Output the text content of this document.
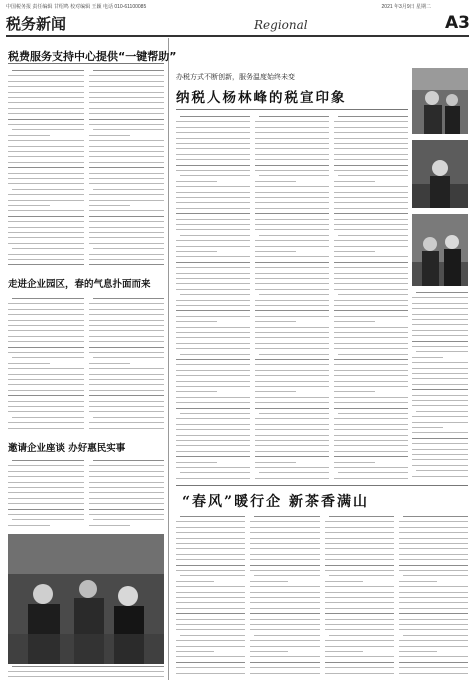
中国税务报 责任编辑 甘绍鸣 校对编辑 王颖 电话 010-61100085	2021 年3月9日 星期二
税务新闻	Regional	A3
税费服务支持中心提供“一键帮助”
走进企业园区，春的气息扑面而来
邀请企业座谈 办好惠民实事
办税方式不断创新，服务温度始终未变
纳税人杨林峰的税宣印象
“春风”暖行企 新茶香满山
